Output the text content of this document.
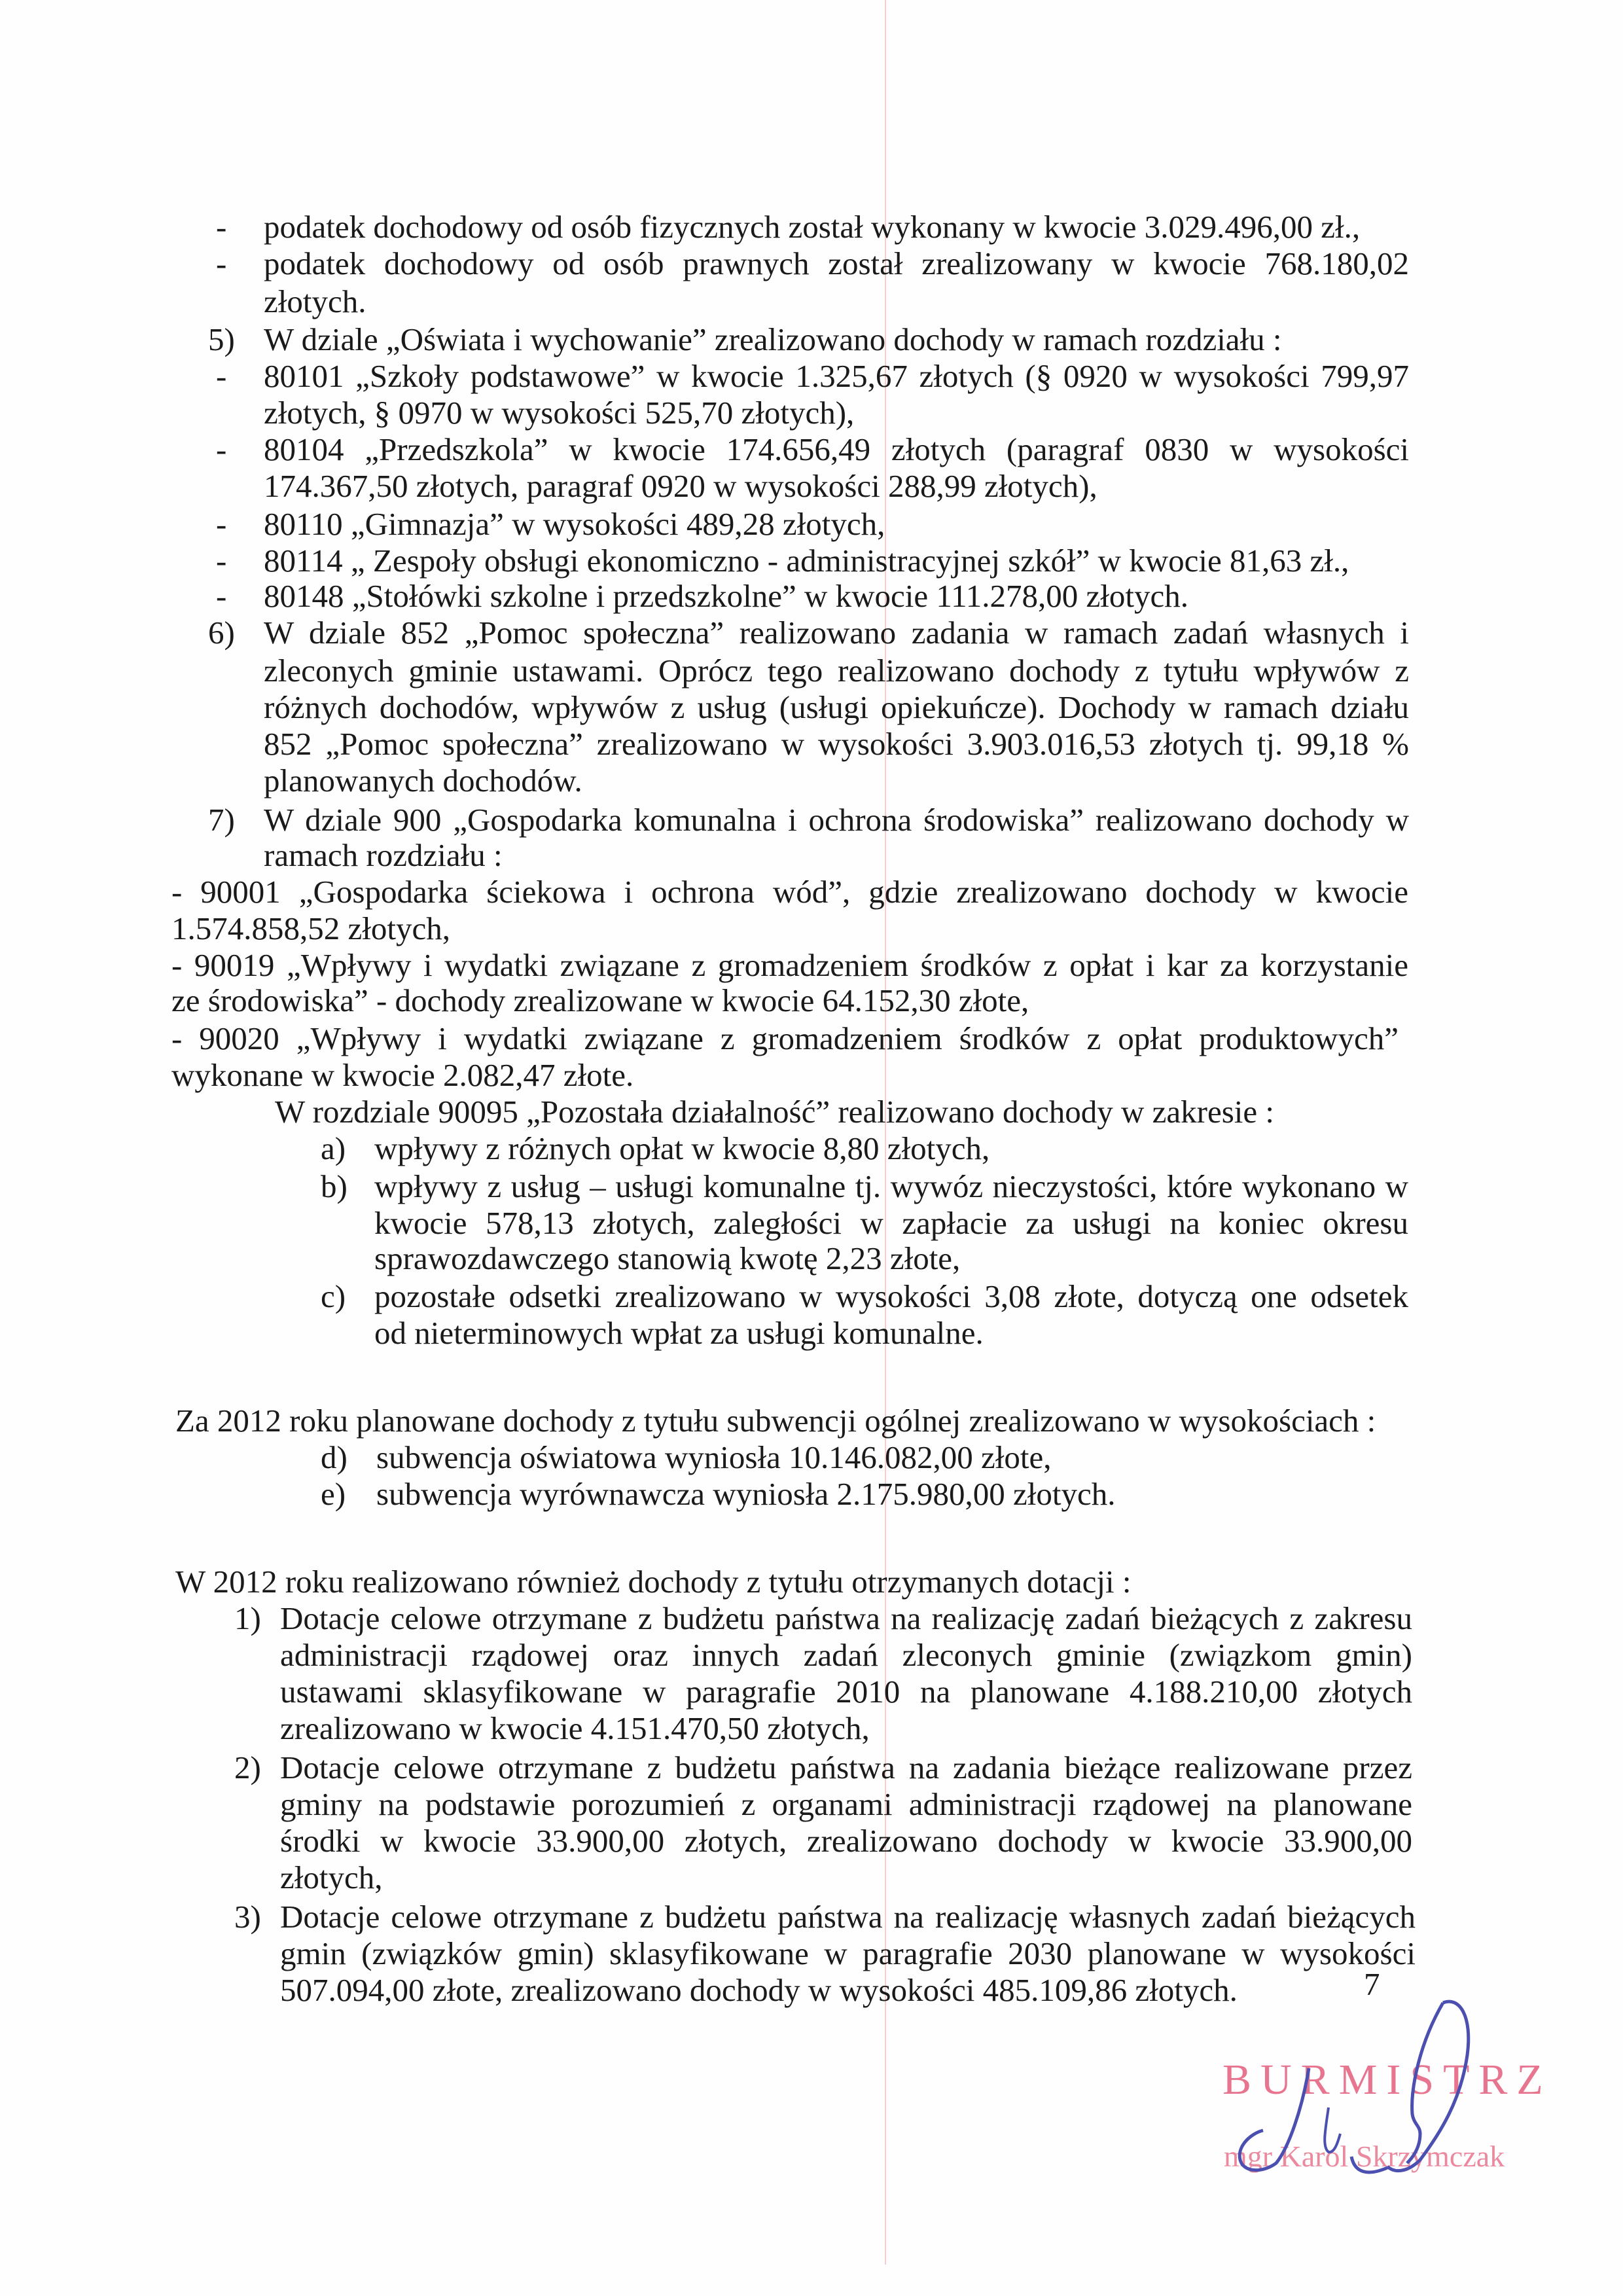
- podatek dochodowy od osób fizycznych został wykonany w kwocie 3.029.496,00 zł.,
- podatek dochodowy od osób prawnych został zrealizowany w kwocie 768.180,02
złotych.
5) W dziale „Oświata i wychowanie” zrealizowano dochody w ramach rozdziału :
- 80101 „Szkoły podstawowe” w kwocie 1.325,67 złotych (§ 0920 w wysokości 799,97
złotych, § 0970 w wysokości 525,70 złotych),
- 80104 „Przedszkola” w kwocie 174.656,49 złotych (paragraf 0830 w wysokości
174.367,50 złotych, paragraf 0920 w wysokości 288,99 złotych),
- 80110 „Gimnazja” w wysokości 489,28 złotych,
- 80114 „ Zespoły obsługi ekonomiczno - administracyjnej szkół” w kwocie 81,63 zł.,
- 80148 „Stołówki szkolne i przedszkolne” w kwocie 111.278,00 złotych.
6) W dziale 852 „Pomoc społeczna” realizowano zadania w ramach zadań własnych i
zleconych gminie ustawami. Oprócz tego realizowano dochody z tytułu wpływów z
różnych dochodów, wpływów z usług (usługi opiekuńcze). Dochody w ramach działu
852 „Pomoc społeczna” zrealizowano w wysokości 3.903.016,53 złotych tj. 99,18 %
planowanych dochodów.
7) W dziale 900 „Gospodarka komunalna i ochrona środowiska” realizowano dochody w
ramach rozdziału :
- 90001 „Gospodarka ściekowa i ochrona wód”, gdzie zrealizowano dochody w kwocie
1.574.858,52 złotych,
- 90019 „Wpływy i wydatki związane z gromadzeniem środków z opłat i kar za korzystanie
ze środowiska” - dochody zrealizowane w kwocie 64.152,30 złote,
- 90020 „Wpływy i wydatki związane z gromadzeniem środków z opłat produktowych”
wykonane w kwocie 2.082,47 złote.
W rozdziale 90095 „Pozostała działalność” realizowano dochody w zakresie :
a) wpływy z różnych opłat w kwocie 8,80 złotych,
b) wpływy z usług – usługi komunalne tj. wywóz nieczystości, które wykonano w
kwocie 578,13 złotych, zaległości w zapłacie za usługi na koniec okresu
sprawozdawczego stanowią kwotę 2,23 złote,
c) pozostałe odsetki zrealizowano w wysokości 3,08 złote, dotyczą one odsetek
od nieterminowych wpłat za usługi komunalne.
Za 2012 roku planowane dochody z tytułu subwencji ogólnej zrealizowano w wysokościach :
d) subwencja oświatowa wyniosła 10.146.082,00 złote,
e) subwencja wyrównawcza wyniosła 2.175.980,00 złotych.
W 2012 roku realizowano również dochody z tytułu otrzymanych dotacji :
1) Dotacje celowe otrzymane z budżetu państwa na realizację zadań bieżących z zakresu
administracji rządowej oraz innych zadań zleconych gminie (związkom gmin)
ustawami sklasyfikowane w paragrafie 2010 na planowane 4.188.210,00 złotych
zrealizowano w kwocie 4.151.470,50 złotych,
2) Dotacje celowe otrzymane z budżetu państwa na zadania bieżące realizowane przez
gminy na podstawie porozumień z organami administracji rządowej na planowane
środki w kwocie 33.900,00 złotych, zrealizowano dochody w kwocie 33.900,00
złotych,
3) Dotacje celowe otrzymane z budżetu państwa na realizację własnych zadań bieżących
gmin (związków gmin) sklasyfikowane w paragrafie 2030 planowane w wysokości
507.094,00 złote, zrealizowano dochody w wysokości 485.109,86 złotych.	7
BURMISTRZ
mgr Karol Skrzymczak
